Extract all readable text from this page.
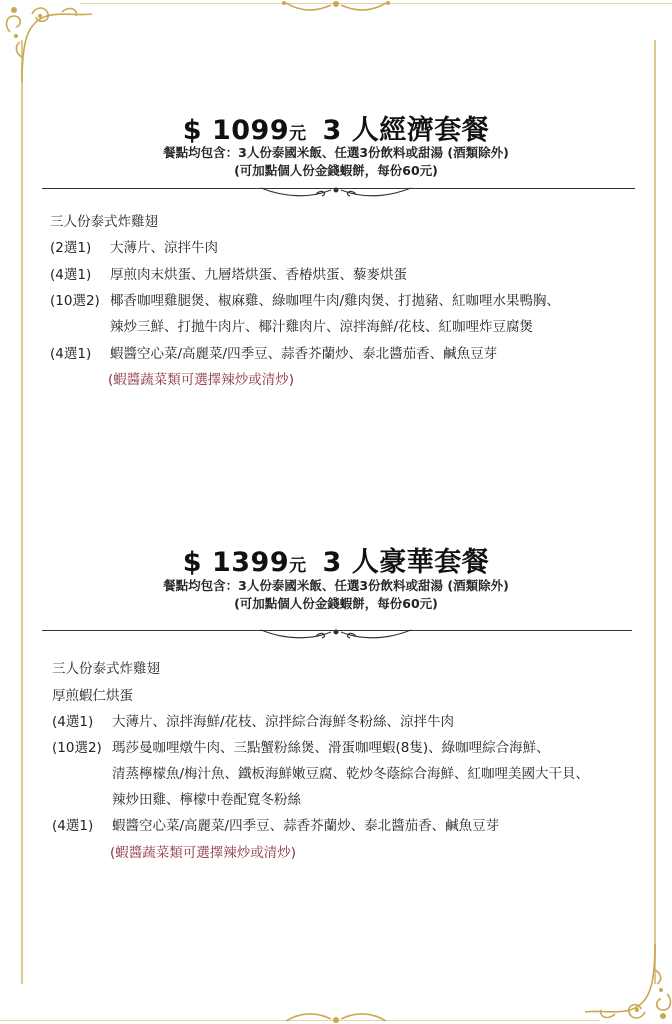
$ 1099元 3 人經濟套餐
餐點均包含：3人份泰國米飯、任選3份飲料或甜湯 (酒類除外)
(可加點個人份金錢蝦餅，每份60元)
三人份泰式炸雞翅
(2選1) 大薄片、涼拌牛肉
(4選1) 厚煎肉末烘蛋、九層塔烘蛋、香椿烘蛋、藜麥烘蛋
(10選2) 椰香咖哩雞腿煲、椒麻雞、綠咖哩牛肉/雞肉煲、打拋豬、紅咖哩水果鴨胸、
辣炒三鮮、打拋牛肉片、椰汁雞肉片、涼拌海鮮/花枝、紅咖哩炸豆腐煲
(4選1) 蝦醬空心菜/高麗菜/四季豆、蒜香芥蘭炒、泰北醬茄香、鹹魚豆芽
(蝦醬蔬菜類可選擇辣炒或清炒)
$ 1399元 3 人豪華套餐
餐點均包含：3人份泰國米飯、任選3份飲料或甜湯 (酒類除外)
(可加點個人份金錢蝦餅，每份60元)
三人份泰式炸雞翅
厚煎蝦仁烘蛋
(4選1) 大薄片、涼拌海鮮/花枝、涼拌綜合海鮮冬粉絲、涼拌牛肉
(10選2) 瑪莎曼咖哩燉牛肉、三點蟹粉絲煲、滑蛋咖哩蝦(8隻)、綠咖哩綜合海鮮、
清蒸檸檬魚/梅汁魚、鐵板海鮮嫩豆腐、乾炒冬蔭綜合海鮮、紅咖哩美國大干貝、
辣炒田雞、檸檬中卷配寬冬粉絲
(4選1) 蝦醬空心菜/高麗菜/四季豆、蒜香芥蘭炒、泰北醬茄香、鹹魚豆芽
(蝦醬蔬菜類可選擇辣炒或清炒)
